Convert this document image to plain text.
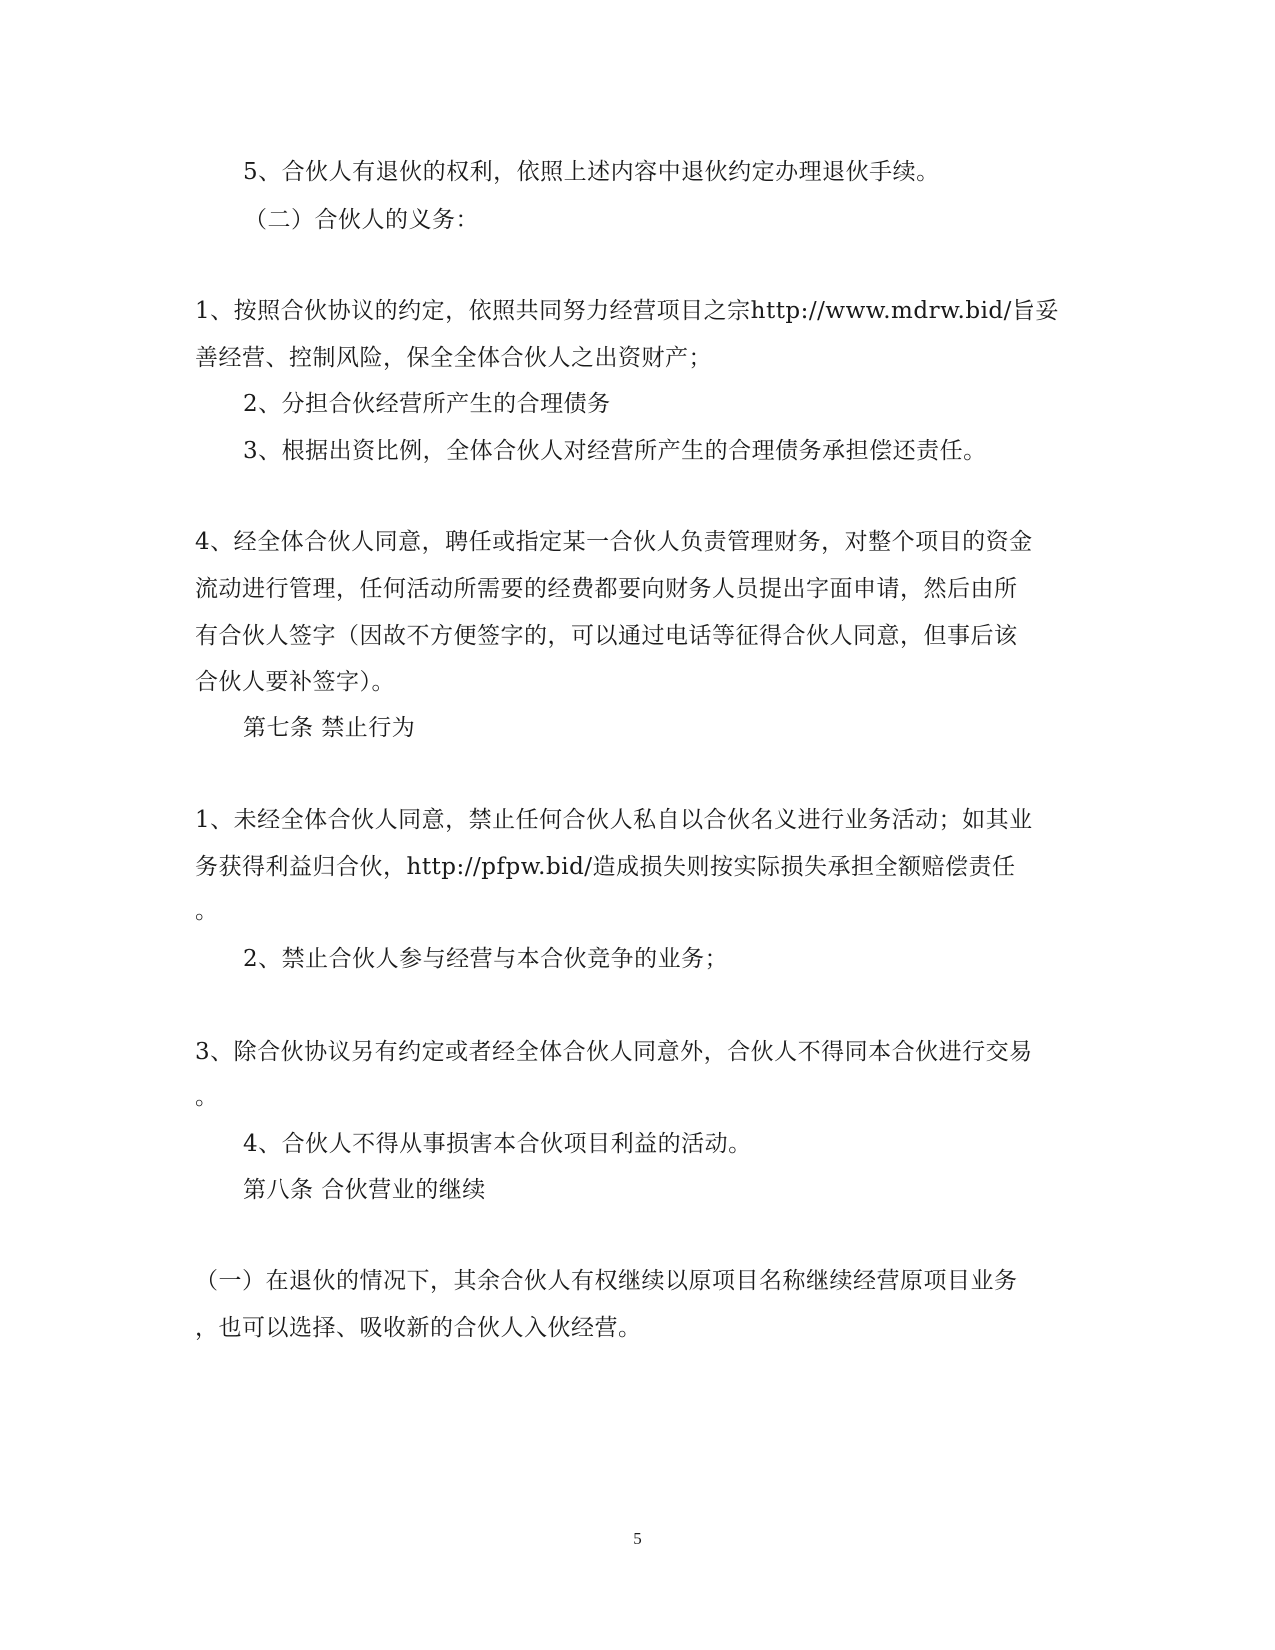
5、合伙人有退伙的权利，依照上述内容中退伙约定办理退伙手续。
（二）合伙人的义务：
1、按照合伙协议的约定，依照共同努力经营项目之宗http://www.mdrw.bid/旨妥
善经营、控制风险，保全全体合伙人之出资财产；
2、分担合伙经营所产生的合理债务
3、根据出资比例，全体合伙人对经营所产生的合理债务承担偿还责任。
4、经全体合伙人同意，聘任或指定某一合伙人负责管理财务，对整个项目的资金
流动进行管理，任何活动所需要的经费都要向财务人员提出字面申请，然后由所
有合伙人签字（因故不方便签字的，可以通过电话等征得合伙人同意，但事后该
合伙人要补签字）。
第七条 禁止行为
1、未经全体合伙人同意，禁止任何合伙人私自以合伙名义进行业务活动；如其业
务获得利益归合伙，http://pfpw.bid/造成损失则按实际损失承担全额赔偿责任
。
2、禁止合伙人参与经营与本合伙竞争的业务；
3、除合伙协议另有约定或者经全体合伙人同意外，合伙人不得同本合伙进行交易
。
4、合伙人不得从事损害本合伙项目利益的活动。
第八条 合伙营业的继续
（一）在退伙的情况下，其余合伙人有权继续以原项目名称继续经营原项目业务
，也可以选择、吸收新的合伙人入伙经营。
5
